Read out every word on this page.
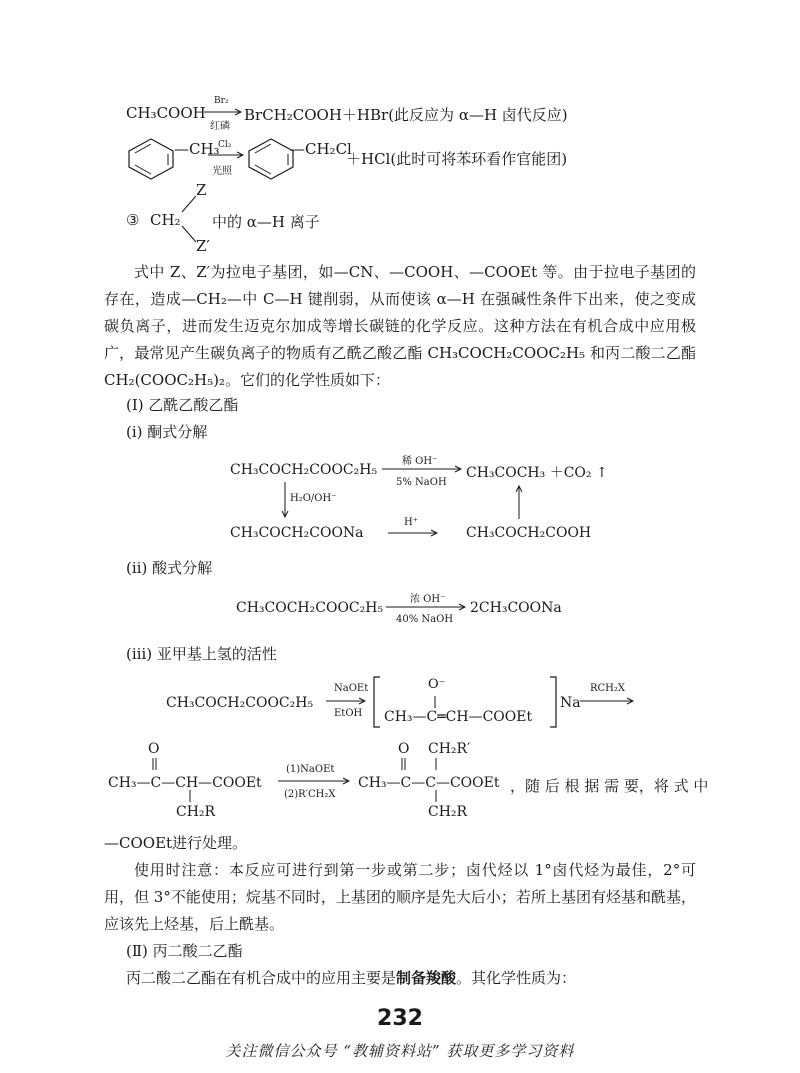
CH₃COOH
Br₂
红磷
BrCH₂COOH＋HBr(此反应为 α—H 卤代反应)
—CH₃
Cl₂
光照
—CH₂Cl
＋HCl(此时可将苯环看作官能团)
Z
③ CH₂ 中的 α—H 离子
Z′
式中 Z、Z′为拉电子基团，如—CN、—COOH、—COOEt 等。由于拉电子基团的存在，造成—CH₂—中 C—H 键削弱，从而使该 α—H 在强碱性条件下出来，使之变成碳负离子，进而发生迈克尔加成等增长碳链的化学反应。这种方法在有机合成中应用极广，最常见产生碳负离子的物质有乙酰乙酸乙酯 CH₃COCH₂COOC₂H₅ 和丙二酸二乙酯 CH₂(COOC₂H₅)₂。它们的化学性质如下：
(Ⅰ) 乙酰乙酸乙酯
(ⅰ) 酮式分解
CH₃COCH₂COOC₂H₅
稀 OH⁻
5% NaOH
CH₃COCH₃ ＋CO₂ ↑
H₂O/OH⁻
CH₃COCH₂COONa
H⁺
CH₃COCH₂COOH
(ⅱ) 酸式分解
CH₃COCH₂COOC₂H₅
浓 OH⁻
40% NaOH
2CH₃COONa
(ⅲ) 亚甲基上氢的活性
CH₃COCH₂COOC₂H₅
NaOEt
EtOH
O⁻
CH₃—C═CH—COOEt
Na
RCH₂X
O
CH₃—C—CH—COOEt
CH₂R
(1)NaOEt
(2)R′CH₂X
O CH₂R′
CH₃—C—C—COOEt
CH₂R
，随 后 根 据 需 要，将 式 中
—COOEt进行处理。
使用时注意：本反应可进行到第一步或第二步；卤代烃以 1°卤代烃为最佳，2°可用，但 3°不能使用；烷基不同时，上基团的顺序是先大后小；若所上基团有烃基和酰基，应该先上烃基，后上酰基。
(Ⅱ) 丙二酸二乙酯
丙二酸二乙酯在有机合成中的应用主要是制备羧酸。其化学性质为：
232
关注微信公众号 “教辅资料站” 获取更多学习资料
